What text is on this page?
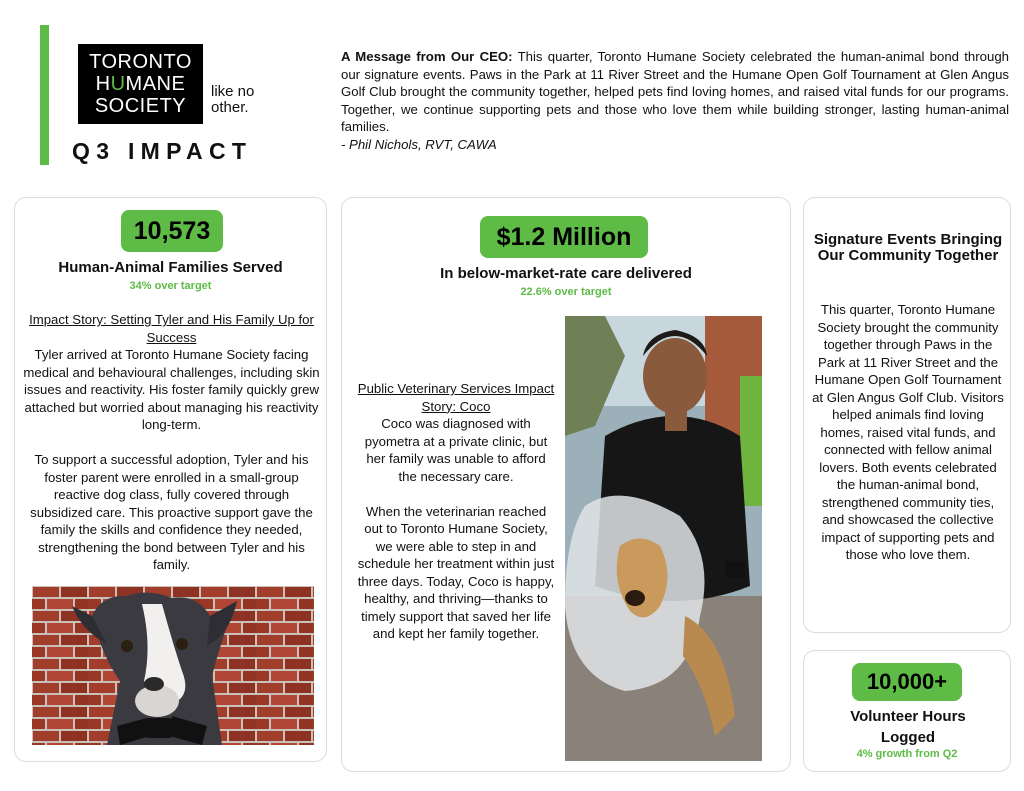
TORONTO
HUMANE
SOCIETY
like no other.
Q3 IMPACT
A Message from Our CEO: This quarter, Toronto Humane Society celebrated the human-animal bond through our signature events. Paws in the Park at 11 River Street and the Humane Open Golf Tournament at Glen Angus Golf Club brought the community together, helped pets find loving homes, and raised vital funds for our programs. Together, we continue supporting pets and those who love them while building stronger, lasting human-animal families.
- Phil Nichols, RVT, CAWA
10,573
Human-Animal Families Served
34% over target
Impact Story: Setting Tyler and His Family Up for Success
Tyler arrived at Toronto Humane Society facing medical and behavioural challenges, including skin issues and reactivity. His foster family quickly grew attached but worried about managing his reactivity long-term.
To support a successful adoption, Tyler and his foster parent were enrolled in a small-group reactive dog class, fully covered through subsidized care. This proactive support gave the family the skills and confidence they needed, strengthening the bond between Tyler and his family.
$1.2 Million
In below-market-rate care delivered
22.6% over target
Public Veterinary Services Impact Story: Coco
Coco was diagnosed with pyometra at a private clinic, but her family was unable to afford the necessary care.
When the veterinarian reached out to Toronto Humane Society, we were able to step in and schedule her treatment within just three days. Today, Coco is happy, healthy, and thriving—thanks to timely support that saved her life and kept her family together.
Signature Events Bringing Our Community Together
This quarter, Toronto Humane Society brought the community together through Paws in the Park at 11 River Street and the Humane Open Golf Tournament at Glen Angus Golf Club. Visitors helped animals find loving homes, raised vital funds, and connected with fellow animal lovers. Both events celebrated the human-animal bond, strengthened community ties, and showcased the collective impact of supporting pets and those who love them.
10,000+
Volunteer Hours Logged
4% growth from Q2
